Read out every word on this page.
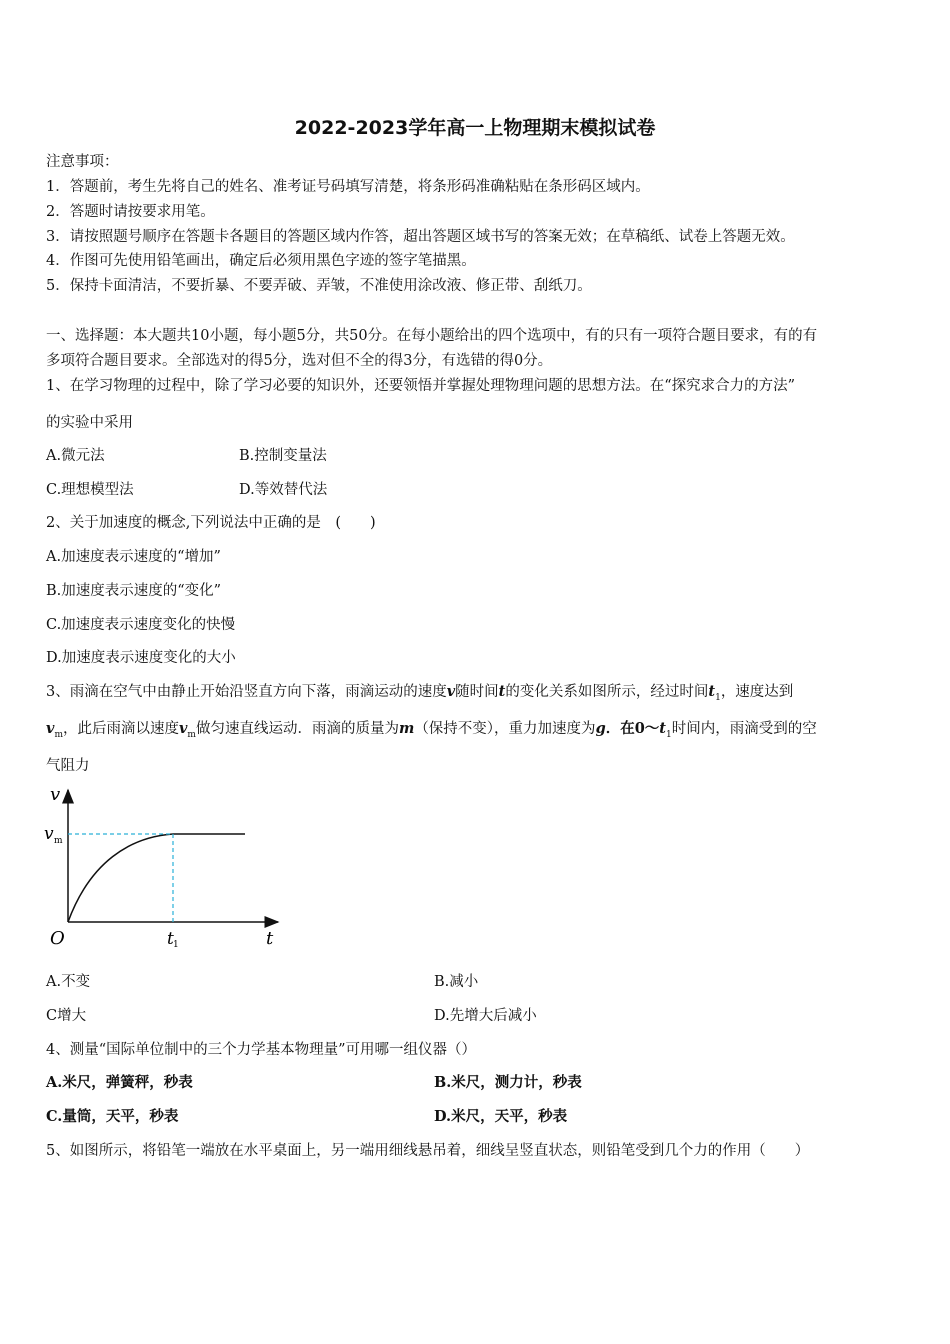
2022-2023学年高一上物理期末模拟试卷
注意事项：
1．答题前，考生先将自己的姓名、准考证号码填写清楚，将条形码准确粘贴在条形码区域内。
2．答题时请按要求用笔。
3．请按照题号顺序在答题卡各题目的答题区域内作答，超出答题区域书写的答案无效；在草稿纸、试卷上答题无效。
4．作图可先使用铅笔画出，确定后必须用黑色字迹的签字笔描黑。
5．保持卡面清洁，不要折暴、不要弄破、弄皱，不准使用涂改液、修正带、刮纸刀。
一、选择题：本大题共10小题，每小题5分，共50分。在每小题给出的四个选项中，有的只有一项符合题目要求，有的有
多项符合题目要求。全部选对的得5分，选对但不全的得3分，有选错的得0分。
1、在学习物理的过程中，除了学习必要的知识外，还要领悟并掌握处理物理问题的思想方法。在“探究求合力的方法”
的实验中采用
A.微元法	B.控制变量法
C.理想模型法	D.等效替代法
2、关于加速度的概念,下列说法中正确的是　(　　)
A.加速度表示速度的“增加”
B.加速度表示速度的“变化”
C.加速度表示速度变化的快慢
D.加速度表示速度变化的大小
3、雨滴在空气中由静止开始沿竖直方向下落，雨滴运动的速度v随时间t的变化关系如图所示，经过时间$t_1$，速度达到
$v_m$，此后雨滴以速度$v_m$做匀速直线运动．雨滴的质量为m（保持不变），重力加速度为g．在$0\sim t_1$时间内，雨滴受到的空
气阻力
v
v m
O	t 1	t
A.不变	B.减小
C增大	D.先增大后减小
4、测量“国际单位制中的三个力学基本物理量”可用哪一组仪器（）
A.米尺，弹簧秤，秒表	B.米尺，测力计，秒表
C.量筒，天平，秒表	D.米尺，天平，秒表
5、如图所示，将铅笔一端放在水平桌面上，另一端用细线悬吊着，细线呈竖直状态，则铅笔受到几个力的作用（　　）
